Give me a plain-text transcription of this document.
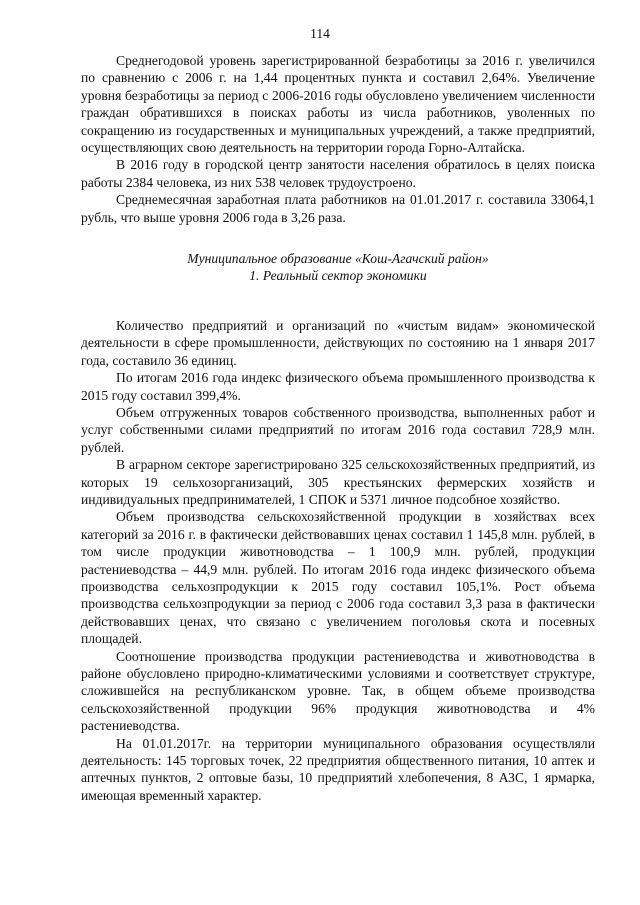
114

Среднегодовой уровень зарегистрированной безработицы за 2016 г. увеличился по сравнению с 2006 г. на 1,44 процентных пункта и составил 2,64%. Увеличение уровня безработицы за период с 2006-2016 годы обусловлено увеличением численности граждан обратившихся в поисках работы из числа работников, уволенных по сокращению из государственных и муниципальных учреждений, а также предприятий, осуществляющих свою деятельность на территории города Горно-Алтайска.

В 2016 году в городской центр занятости населения обратилось в целях поиска работы 2384 человека, из них 538 человек трудоустроено.

Среднемесячная заработная плата работников на 01.01.2017 г. составила 33064,1 рубль, что выше уровня 2006 года в 3,26 раза.

Муниципальное образование «Кош-Агачский район»
1. Реальный сектор экономики

Количество предприятий и организаций по «чистым видам» экономической деятельности в сфере промышленности, действующих по состоянию на 1 января 2017 года, составило 36 единиц.

По итогам 2016 года индекс физического объема промышленного производства к 2015 году составил 399,4%.

Объем отгруженных товаров собственного производства, выполненных работ и услуг собственными силами предприятий по итогам 2016 года составил 728,9 млн. рублей.

В аграрном секторе зарегистрировано 325 сельскохозяйственных предприятий, из которых 19 сельхозорганизаций, 305 крестьянских фермерских хозяйств и индивидуальных предпринимателей, 1 СПОК и 5371 личное подсобное хозяйство.

Объем производства сельскохозяйственной продукции в хозяйствах всех категорий за 2016 г. в фактически действовавших ценах составил 1 145,8 млн. рублей, в том числе продукции животноводства – 1 100,9 млн. рублей, продукции растениеводства – 44,9 млн. рублей. По итогам 2016 года индекс физического объема производства сельхозпродукции к 2015 году составил 105,1%. Рост объема производства сельхозпродукции за период с 2006 года составил 3,3 раза в фактически действовавших ценах, что связано с увеличением поголовья скота и посевных площадей.

Соотношение производства продукции растениеводства и животноводства в районе обусловлено природно-климатическими условиями и соответствует структуре, сложившейся на республиканском уровне. Так, в общем объеме производства сельскохозяйственной продукции 96% продукция животноводства и 4% растениеводства.

На 01.01.2017г. на территории муниципального образования осуществляли деятельность: 145 торговых точек, 22 предприятия общественного питания, 10 аптек и аптечных пунктов, 2 оптовые базы, 10 предприятий хлебопечения, 8 АЗС, 1 ярмарка, имеющая временный характер.
